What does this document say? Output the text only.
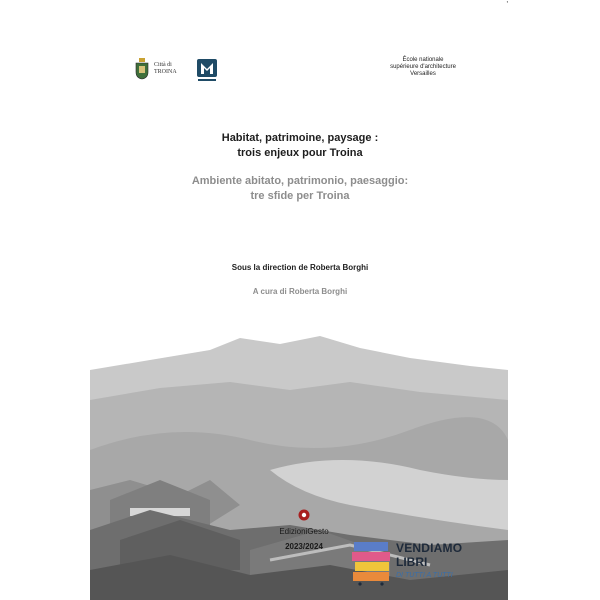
'
Città di
TROINA
École nationale
supérieure d'architecture
Versailles
Habitat, patrimoine, paysage :
trois enjeux pour Troina
Ambiente abitato, patrimonio, paesaggio:
tre sfide per Troina
Sous la direction de Roberta Borghi
A cura di Roberta Borghi
EdizioniGesto
2023/2024	VENDIAMO
LIBRI
DI TUTTI A TUTTI
